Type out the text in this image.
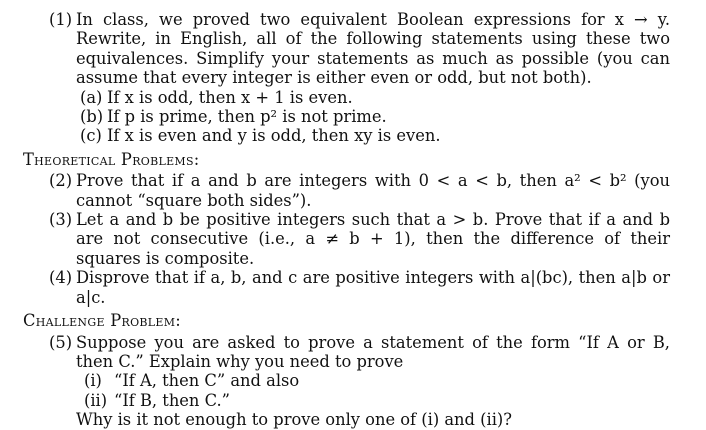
(1) In class, we proved two equivalent Boolean expressions for x → y. Rewrite, in English, all of the following statements using these two equivalences. Simplify your statements as much as possible (you can assume that every integer is either even or odd, but not both).
(a) If x is odd, then x + 1 is even.
(b) If p is prime, then p² is not prime.
(c) If x is even and y is odd, then xy is even.
Theoretical Problems:
(2) Prove that if a and b are integers with 0 < a < b, then a² < b² (you cannot “square both sides”).
(3) Let a and b be positive integers such that a > b. Prove that if a and b are not consecutive (i.e., a ≠ b + 1), then the difference of their squares is composite.
(4) Disprove that if a, b, and c are positive integers with a|(bc), then a|b or a|c.
Challenge Problem:
(5) Suppose you are asked to prove a statement of the form “If A or B, then C.” Explain why you need to prove
(i) “If A, then C” and also
(ii) “If B, then C.”
Why is it not enough to prove only one of (i) and (ii)?
